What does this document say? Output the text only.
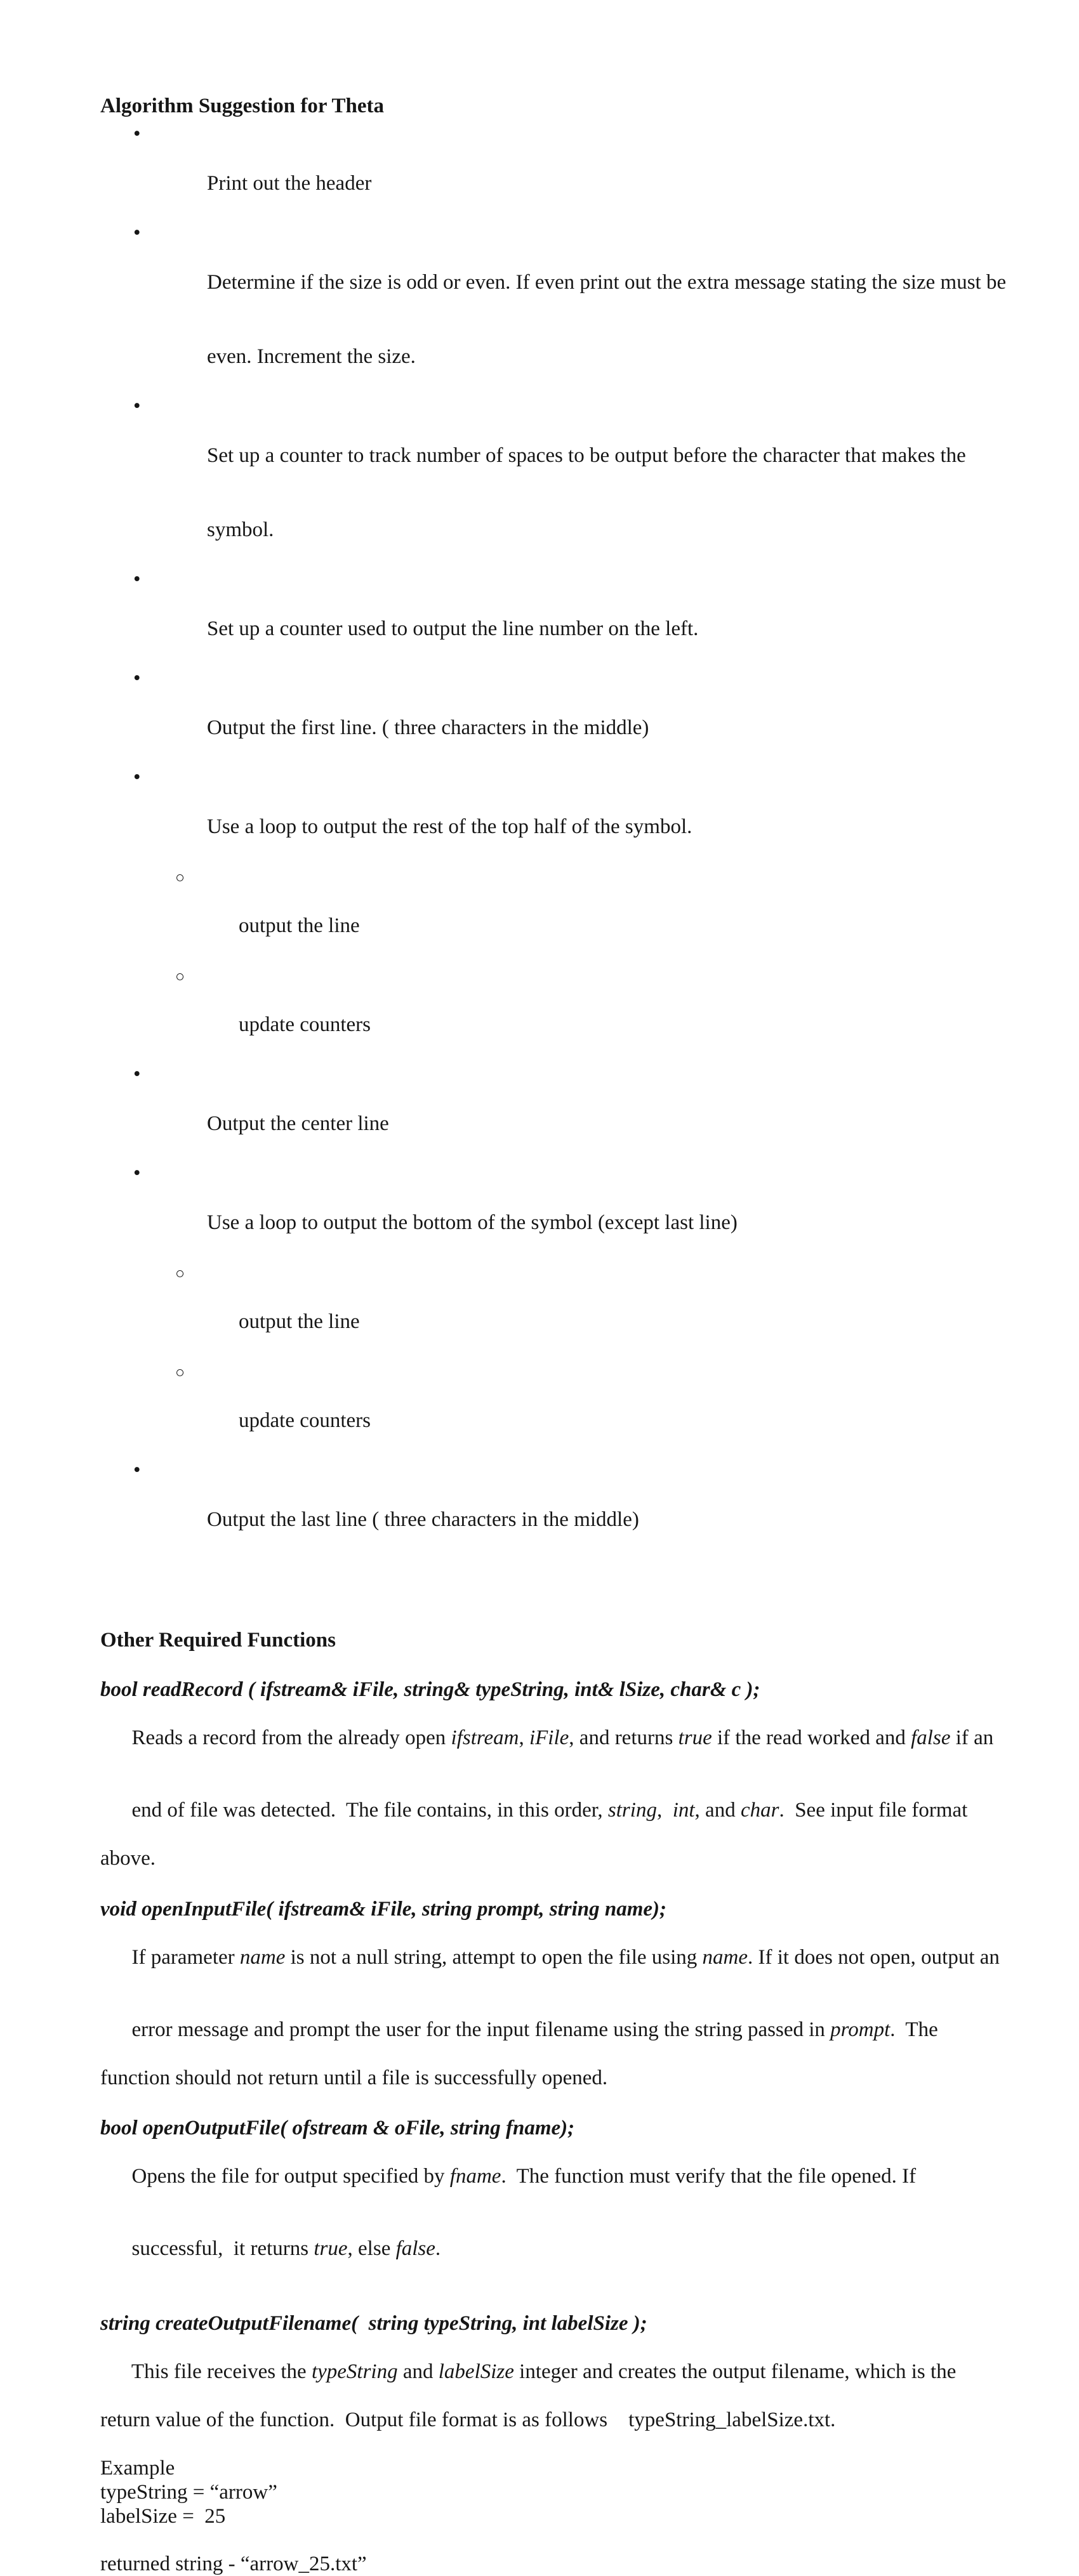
Algorithm Suggestion for Theta

•

Print out the header

•

Determine if the size is odd or even. If even print out the extra message stating the size must be

even. Increment the size.

•

Set up a counter to track number of spaces to be output before the character that makes the

symbol.

•

Set up a counter used to output the line number on the left.

•

Output the first line. ( three characters in the middle)

•

Use a loop to output the rest of the top half of the symbol.

○

output the line

○

update counters

•

Output the center line

•

Use a loop to output the bottom of the symbol (except last line)

○

output the line

○

update counters

•

Output the last line ( three characters in the middle)

Other Required Functions
bool readRecord ( ifstream& iFile, string& typeString, int& lSize, char& c );

Reads a record from the already open ifstream, iFile, and returns true if the read worked and false if an

end of file was detected.  The file contains, in this order, string,  int, and char.  See input file format

above.
void openInputFile( ifstream& iFile, string prompt, string name);

If parameter name is not a null string, attempt to open the file using name. If it does not open, output an

error message and prompt the user for the input filename using the string passed in prompt.  The

function should not return until a file is successfully opened.
bool openOutputFile( ofstream & oFile, string fname);

Opens the file for output specified by fname.  The function must verify that the file opened. If

successful,  it returns true, else false.

string createOutputFilename(  string typeString, int labelSize );

This file receives the typeString and labelSize integer and creates the output filename, which is the

return value of the function.  Output file format is as follows    typeString_labelSize.txt.
Example
typeString = “arrow”
labelSize =  25
returned string - “arrow_25.txt”
